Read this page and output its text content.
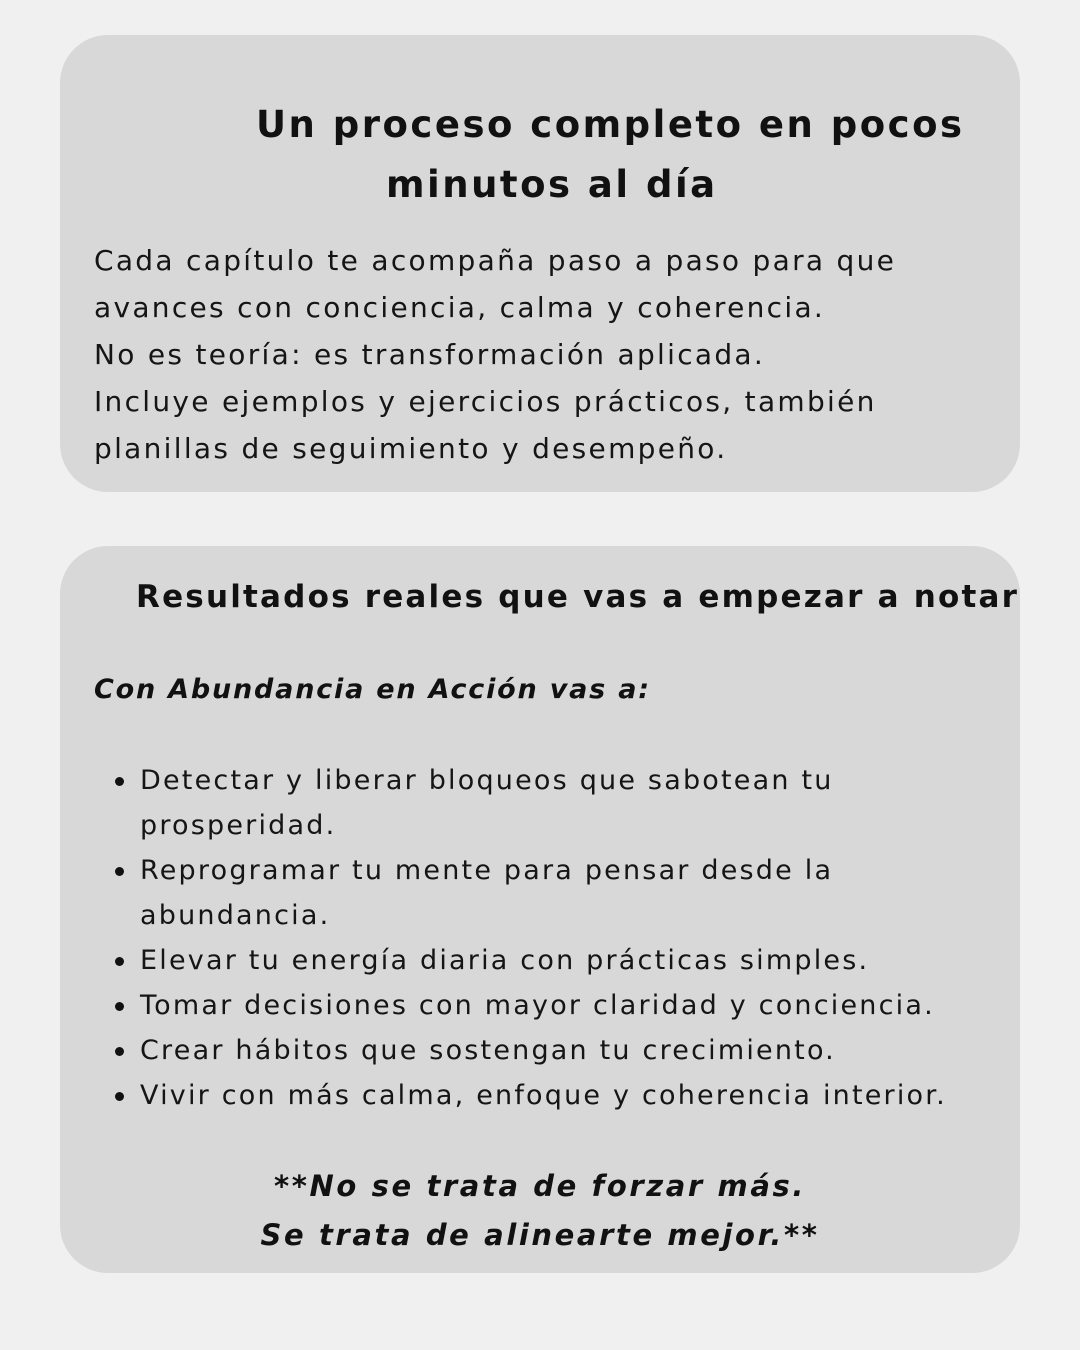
Un proceso completo en pocos
minutos al día

Cada capítulo te acompaña paso a paso para que
avances con conciencia, calma y coherencia.
No es teoría: es transformación aplicada.
Incluye ejemplos y ejercicios prácticos, también
planillas de seguimiento y desempeño.

Resultados reales que vas a empezar a notar

Con Abundancia en Acción vas a:

Detectar y liberar bloqueos que sabotean tu
prosperidad.
Reprogramar tu mente para pensar desde la
abundancia.
Elevar tu energía diaria con prácticas simples.
Tomar decisiones con mayor claridad y conciencia.
Crear hábitos que sostengan tu crecimiento.
Vivir con más calma, enfoque y coherencia interior.

**No se trata de forzar más.
Se trata de alinearte mejor.**
